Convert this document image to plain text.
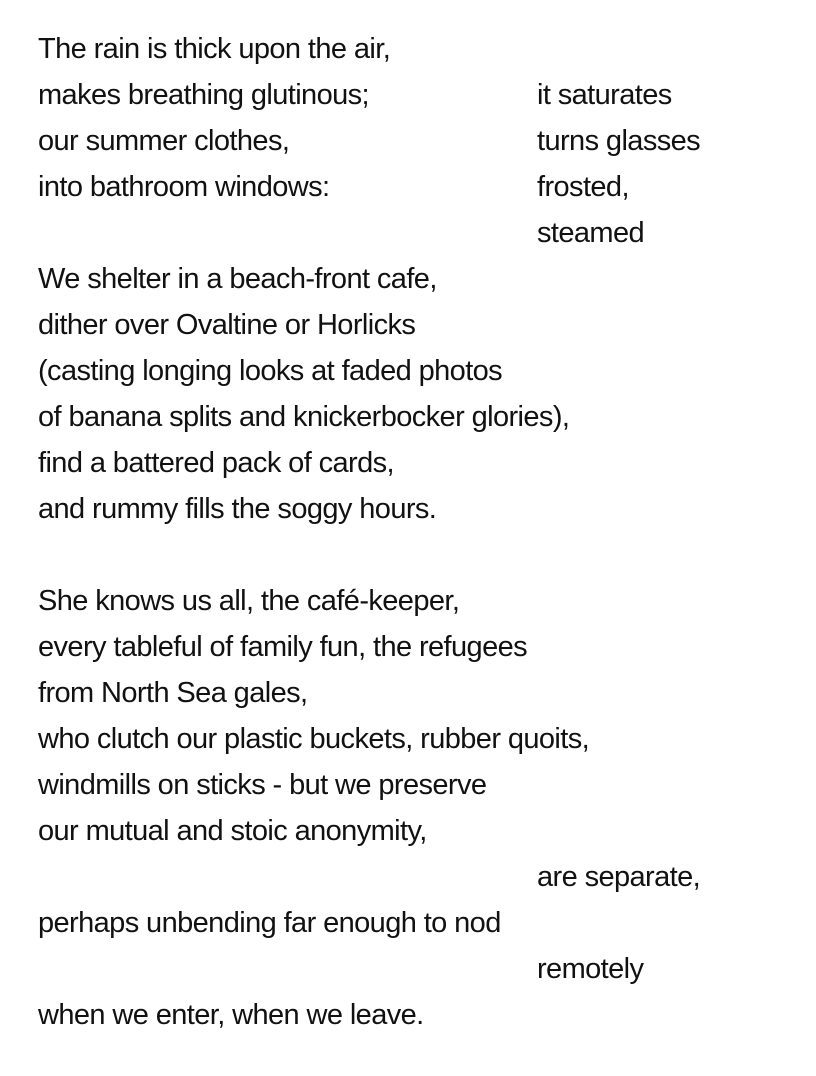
The rain is thick upon the air,
makes breathing glutinous;	it saturates
our summer clothes,	turns glasses
into bathroom windows:	frosted,
steamed
We shelter in a beach-front cafe,
dither over Ovaltine or Horlicks
(casting longing looks at faded photos
of banana splits and knickerbocker glories),
find a battered pack of cards,
and rummy fills the soggy hours.
She knows us all, the café-keeper,
every tableful of family fun, the refugees
from North Sea gales,
who clutch our plastic buckets, rubber quoits,
windmills on sticks - but we preserve
our mutual and stoic anonymity,
are separate,
perhaps unbending far enough to nod
remotely
when we enter, when we leave.
